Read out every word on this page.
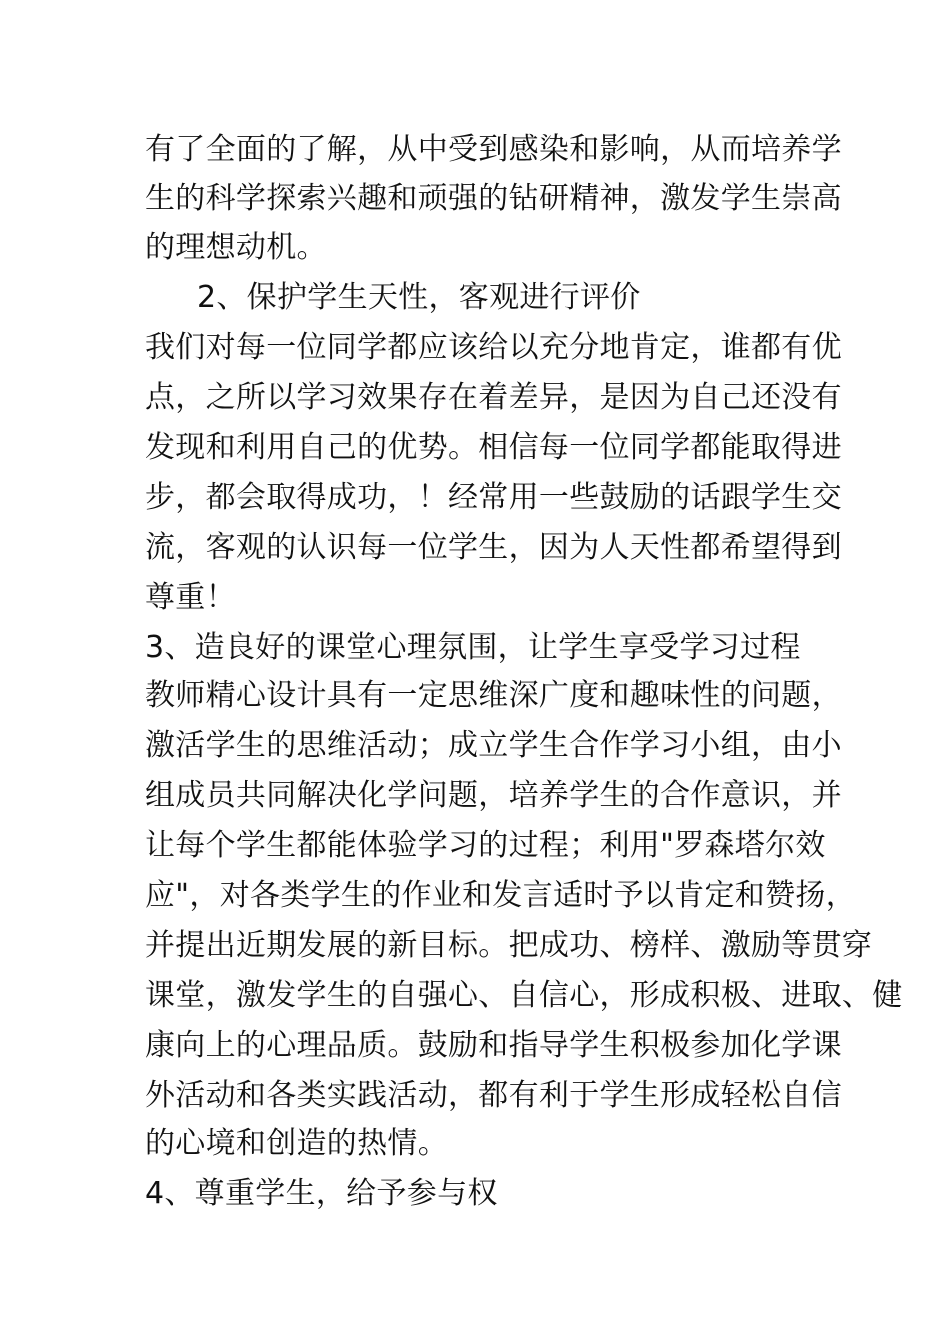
有了全面的了解，从中受到感染和影响，从而培养学
生的科学探索兴趣和顽强的钻研精神，激发学生崇高
的理想动机。
2、保护学生天性，客观进行评价
我们对每一位同学都应该给以充分地肯定，谁都有优
点，之所以学习效果存在着差异，是因为自己还没有
发现和利用自己的优势。相信每一位同学都能取得进
步，都会取得成功，！经常用一些鼓励的话跟学生交
流，客观的认识每一位学生，因为人天性都希望得到
尊重！
3、造良好的课堂心理氛围，让学生享受学习过程
教师精心设计具有一定思维深广度和趣味性的问题，
激活学生的思维活动；成立学生合作学习小组，由小
组成员共同解决化学问题，培养学生的合作意识，并
让每个学生都能体验学习的过程；利用"罗森塔尔效
应"，对各类学生的作业和发言适时予以肯定和赞扬，
并提出近期发展的新目标。把成功、榜样、激励等贯穿
课堂，激发学生的自强心、自信心，形成积极、进取、健
康向上的心理品质。鼓励和指导学生积极参加化学课
外活动和各类实践活动，都有利于学生形成轻松自信
的心境和创造的热情。
4、尊重学生，给予参与权
